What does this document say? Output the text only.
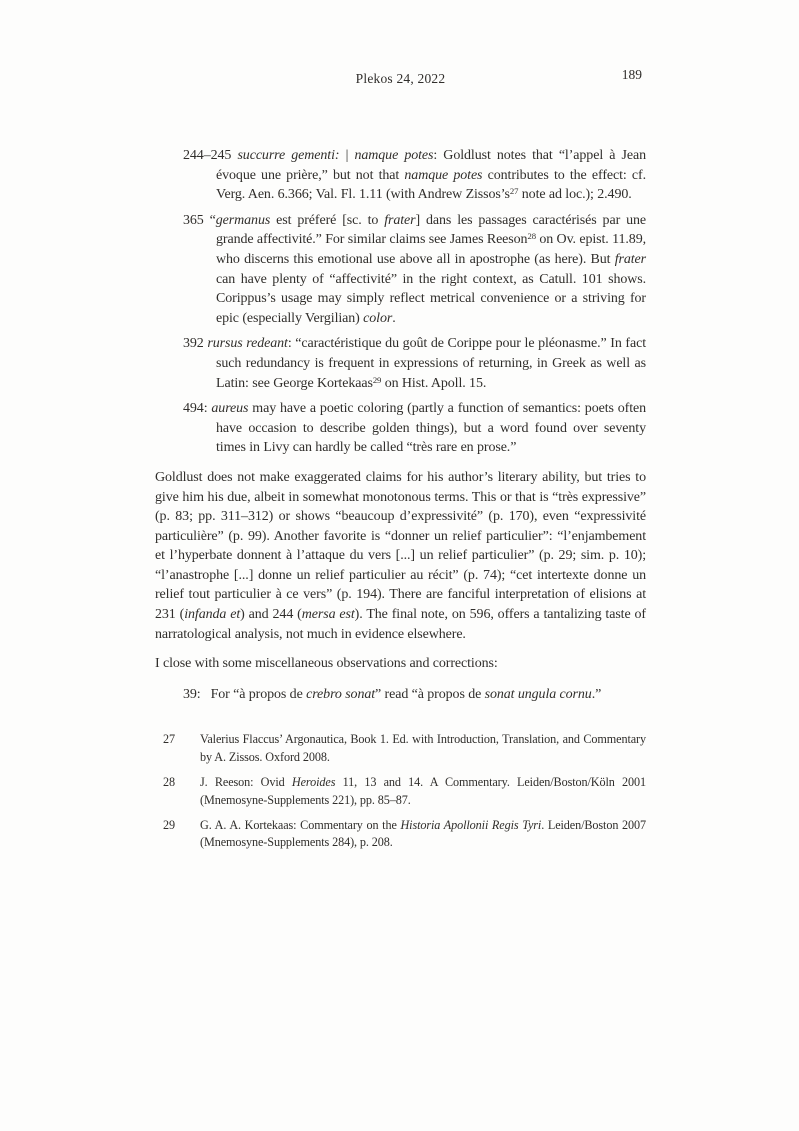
Plekos 24, 2022	189
244–245 succurre gementi: | namque potes: Goldlust notes that “l’appel à Jean évoque une prière,” but not that namque potes contributes to the effect: cf. Verg. Aen. 6.366; Val. Fl. 1.11 (with Andrew $Zissos’s^{27}$ note ad loc.); 2.490.
365 “germanus est préferé [sc. to frater] dans les passages caractérisés par une grande affectivité.” For similar claims see James Reeson$^{28}$ on Ov. epist. 11.89, who discerns this emotional use above all in apostrophe (as here). But frater can have plenty of “affectivité” in the right context, as Catull. 101 shows. Corippus’s usage may simply reflect metrical convenience or a striving for epic (especially Vergilian) color.
392 rursus redeant: “caractéristique du goût de Corippe pour le pléonasme.” In fact such redundancy is frequent in expressions of returning, in Greek as well as Latin: see George Kortekaas$^{29}$ on Hist. Apoll. 15.
494: aureus may have a poetic coloring (partly a function of semantics: poets often have occasion to describe golden things), but a word found over seventy times in Livy can hardly be called “très rare en prose.”

Goldlust does not make exaggerated claims for his author’s literary ability, but tries to give him his due, albeit in somewhat monotonous terms. This or that is “très expressive” (p. 83; pp. 311–312) or shows “beaucoup d’expressivité” (p. 170), even “expressivité particulière” (p. 99). Another favorite is “donner un relief particulier”: “l’enjambement et l’hyperbate donnent à l’attaque du vers [...] un relief particulier” (p. 29; sim. p. 10); “l’anastrophe [...] donne un relief particulier au récit” (p. 74); “cet intertexte donne un relief tout particulier à ce vers” (p. 194). There are fanciful interpretation of elisions at 231 (infanda et) and 244 (mersa est). The final note, on 596, offers a tantalizing taste of narratological analysis, not much in evidence elsewhere.

I close with some miscellaneous observations and corrections:

39: For “à propos de crebro sonat” read “à propos de sonat ungula cornu.”
27 Valerius Flaccus’ Argonautica, Book 1. Ed. with Introduction, Translation, and Commentary by A. Zissos. Oxford 2008.
28 J. Reeson: Ovid Heroides 11, 13 and 14. A Commentary. Leiden/Boston/Köln 2001 (Mnemosyne-Supplements 221), pp. 85–87.
29 G. A. A. Kortekaas: Commentary on the Historia Apollonii Regis Tyri. Leiden/Boston 2007 (Mnemosyne-Supplements 284), p. 208.
